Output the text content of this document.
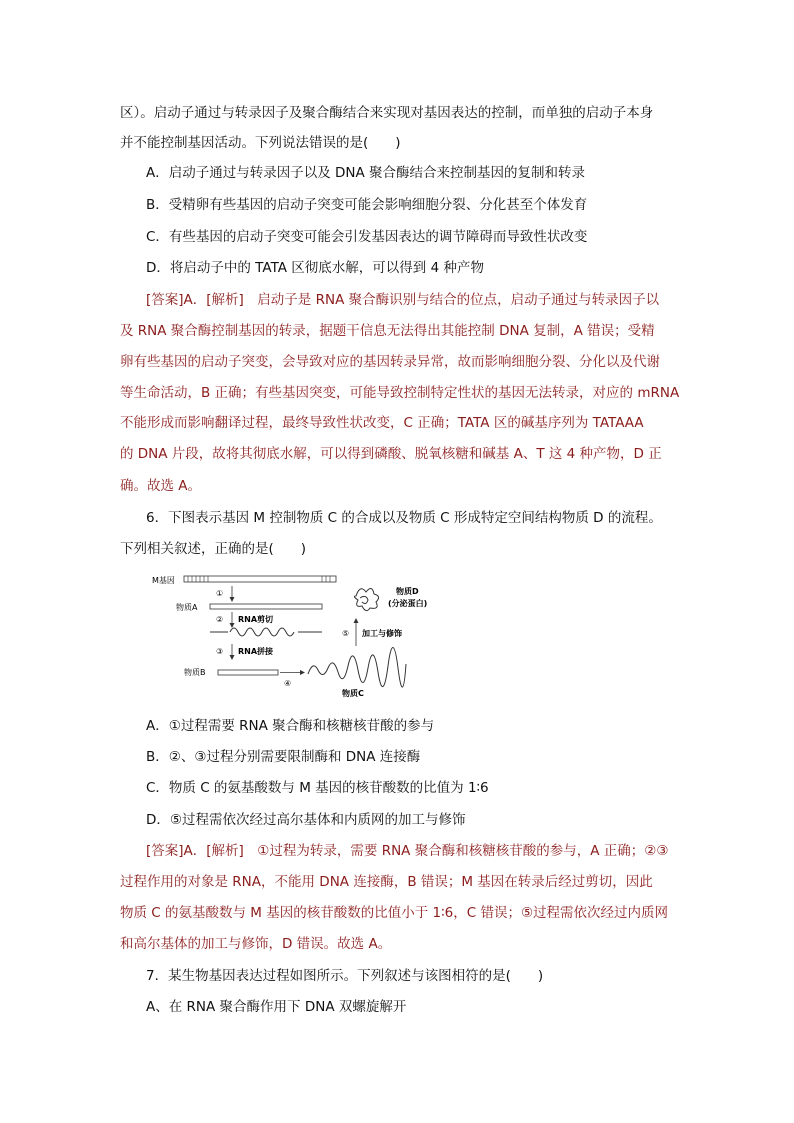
区）。启动子通过与转录因子及聚合酶结合来实现对基因表达的控制，而单独的启动子本身
并不能控制基因活动。下列说法错误的是(　　)
A．启动子通过与转录因子以及 DNA 聚合酶结合来控制基因的复制和转录
B．受精卵有些基因的启动子突变可能会影响细胞分裂、分化甚至个体发育
C．有些基因的启动子突变可能会引发基因表达的调节障碍而导致性状改变
D．将启动子中的 TATA 区彻底水解，可以得到 4 种产物
[答案]A．[解析]　启动子是 RNA 聚合酶识别与结合的位点，启动子通过与转录因子以
及 RNA 聚合酶控制基因的转录，据题干信息无法得出其能控制 DNA 复制，A 错误；受精
卵有些基因的启动子突变，会导致对应的基因转录异常，故而影响细胞分裂、分化以及代谢
等生命活动，B 正确；有些基因突变，可能导致控制特定性状的基因无法转录，对应的 mRNA
不能形成而影响翻译过程，最终导致性状改变，C 正确；TATA 区的碱基序列为 TATAAA
的 DNA 片段，故将其彻底水解，可以得到磷酸、脱氧核糖和碱基 A、T 这 4 种产物，D 正
确。故选 A。
6．下图表示基因 M 控制物质 C 的合成以及物质 C 形成特定空间结构物质 D 的流程。
下列相关叙述，正确的是(　　)
M基因
①
物质A
② RNA剪切
③ RNA拼接
物质B
④
物质C
⑤ 加工与修饰
物质D
(分泌蛋白)
A．①过程需要 RNA 聚合酶和核糖核苷酸的参与
B．②、③过程分别需要限制酶和 DNA 连接酶
C．物质 C 的氨基酸数与 M 基因的核苷酸数的比值为 1∶6
D．⑤过程需依次经过高尔基体和内质网的加工与修饰
[答案]A．[解析]　①过程为转录，需要 RNA 聚合酶和核糖核苷酸的参与，A 正确；②③
过程作用的对象是 RNA，不能用 DNA 连接酶，B 错误；M 基因在转录后经过剪切，因此
物质 C 的氨基酸数与 M 基因的核苷酸数的比值小于 1∶6，C 错误；⑤过程需依次经过内质网
和高尔基体的加工与修饰，D 错误。故选 A。
7．某生物基因表达过程如图所示。下列叙述与该图相符的是(　　)
A、在 RNA 聚合酶作用下 DNA 双螺旋解开
